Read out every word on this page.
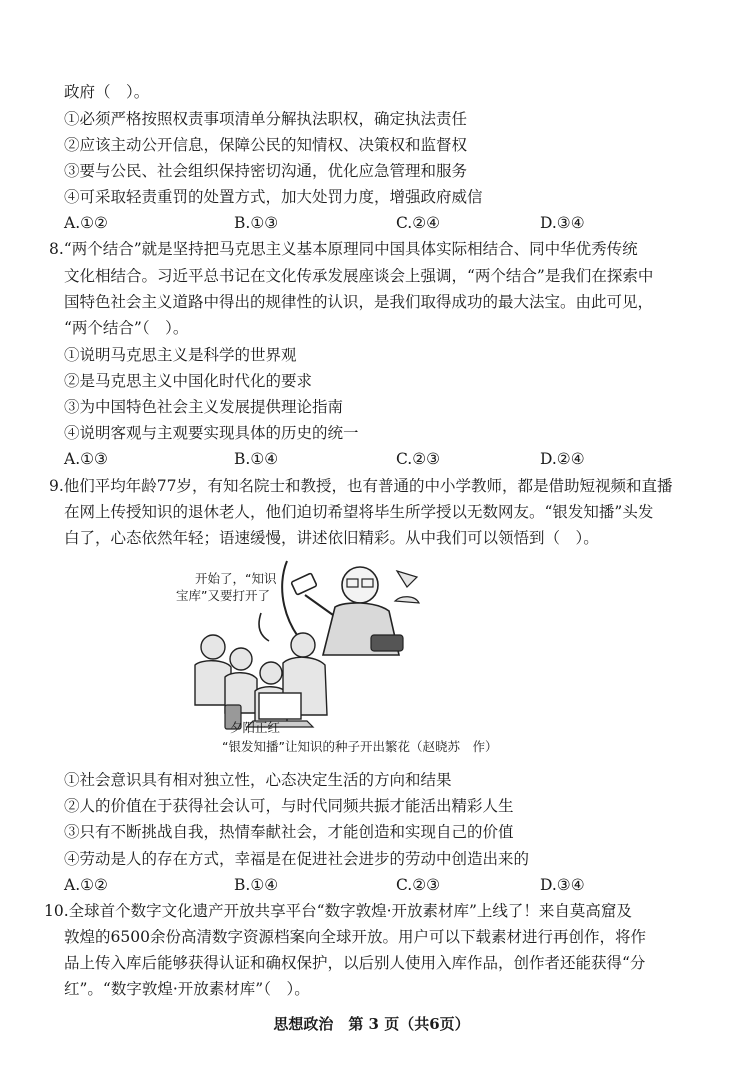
政府（　）。
①必须严格按照权责事项清单分解执法职权，确定执法责任
②应该主动公开信息，保障公民的知情权、决策权和监督权
③要与公民、社会组织保持密切沟通，优化应急管理和服务
④可采取轻责重罚的处置方式，加大处罚力度，增强政府威信
A.①②	B.①③	C.②④	D.③④
8.“两个结合”就是坚持把马克思主义基本原理同中国具体实际相结合、同中华优秀传统
文化相结合。习近平总书记在文化传承发展座谈会上强调，“两个结合”是我们在探索中
国特色社会主义道路中得出的规律性的认识，是我们取得成功的最大法宝。由此可见，
“两个结合”（　）。
①说明马克思主义是科学的世界观
②是马克思主义中国化时代化的要求
③为中国特色社会主义发展提供理论指南
④说明客观与主观要实现具体的历史的统一
A.①③	B.①④	C.②③	D.②④
9.他们平均年龄77岁，有知名院士和教授，也有普通的中小学教师，都是借助短视频和直播
在网上传授知识的退休老人，他们迫切希望将毕生所学授以无数网友。“银发知播”头发
白了，心态依然年轻；语速缓慢，讲述依旧精彩。从中我们可以领悟到（　）。
开始了，“知识
宝库”又要打开了
夕阳正红
“银发知播”让知识的种子开出繁花（赵晓苏　作）
①社会意识具有相对独立性，心态决定生活的方向和结果
②人的价值在于获得社会认可，与时代同频共振才能活出精彩人生
③只有不断挑战自我，热情奉献社会，才能创造和实现自己的价值
④劳动是人的存在方式，幸福是在促进社会进步的劳动中创造出来的
A.①②	B.①④	C.②③	D.③④
10.全球首个数字文化遗产开放共享平台“数字敦煌·开放素材库”上线了！来自莫高窟及
敦煌的6500余份高清数字资源档案向全球开放。用户可以下载素材进行再创作，将作
品上传入库后能够获得认证和确权保护，以后别人使用入库作品，创作者还能获得“分
红”。“数字敦煌·开放素材库”（　）。
思想政治　第 3 页（共6页）
